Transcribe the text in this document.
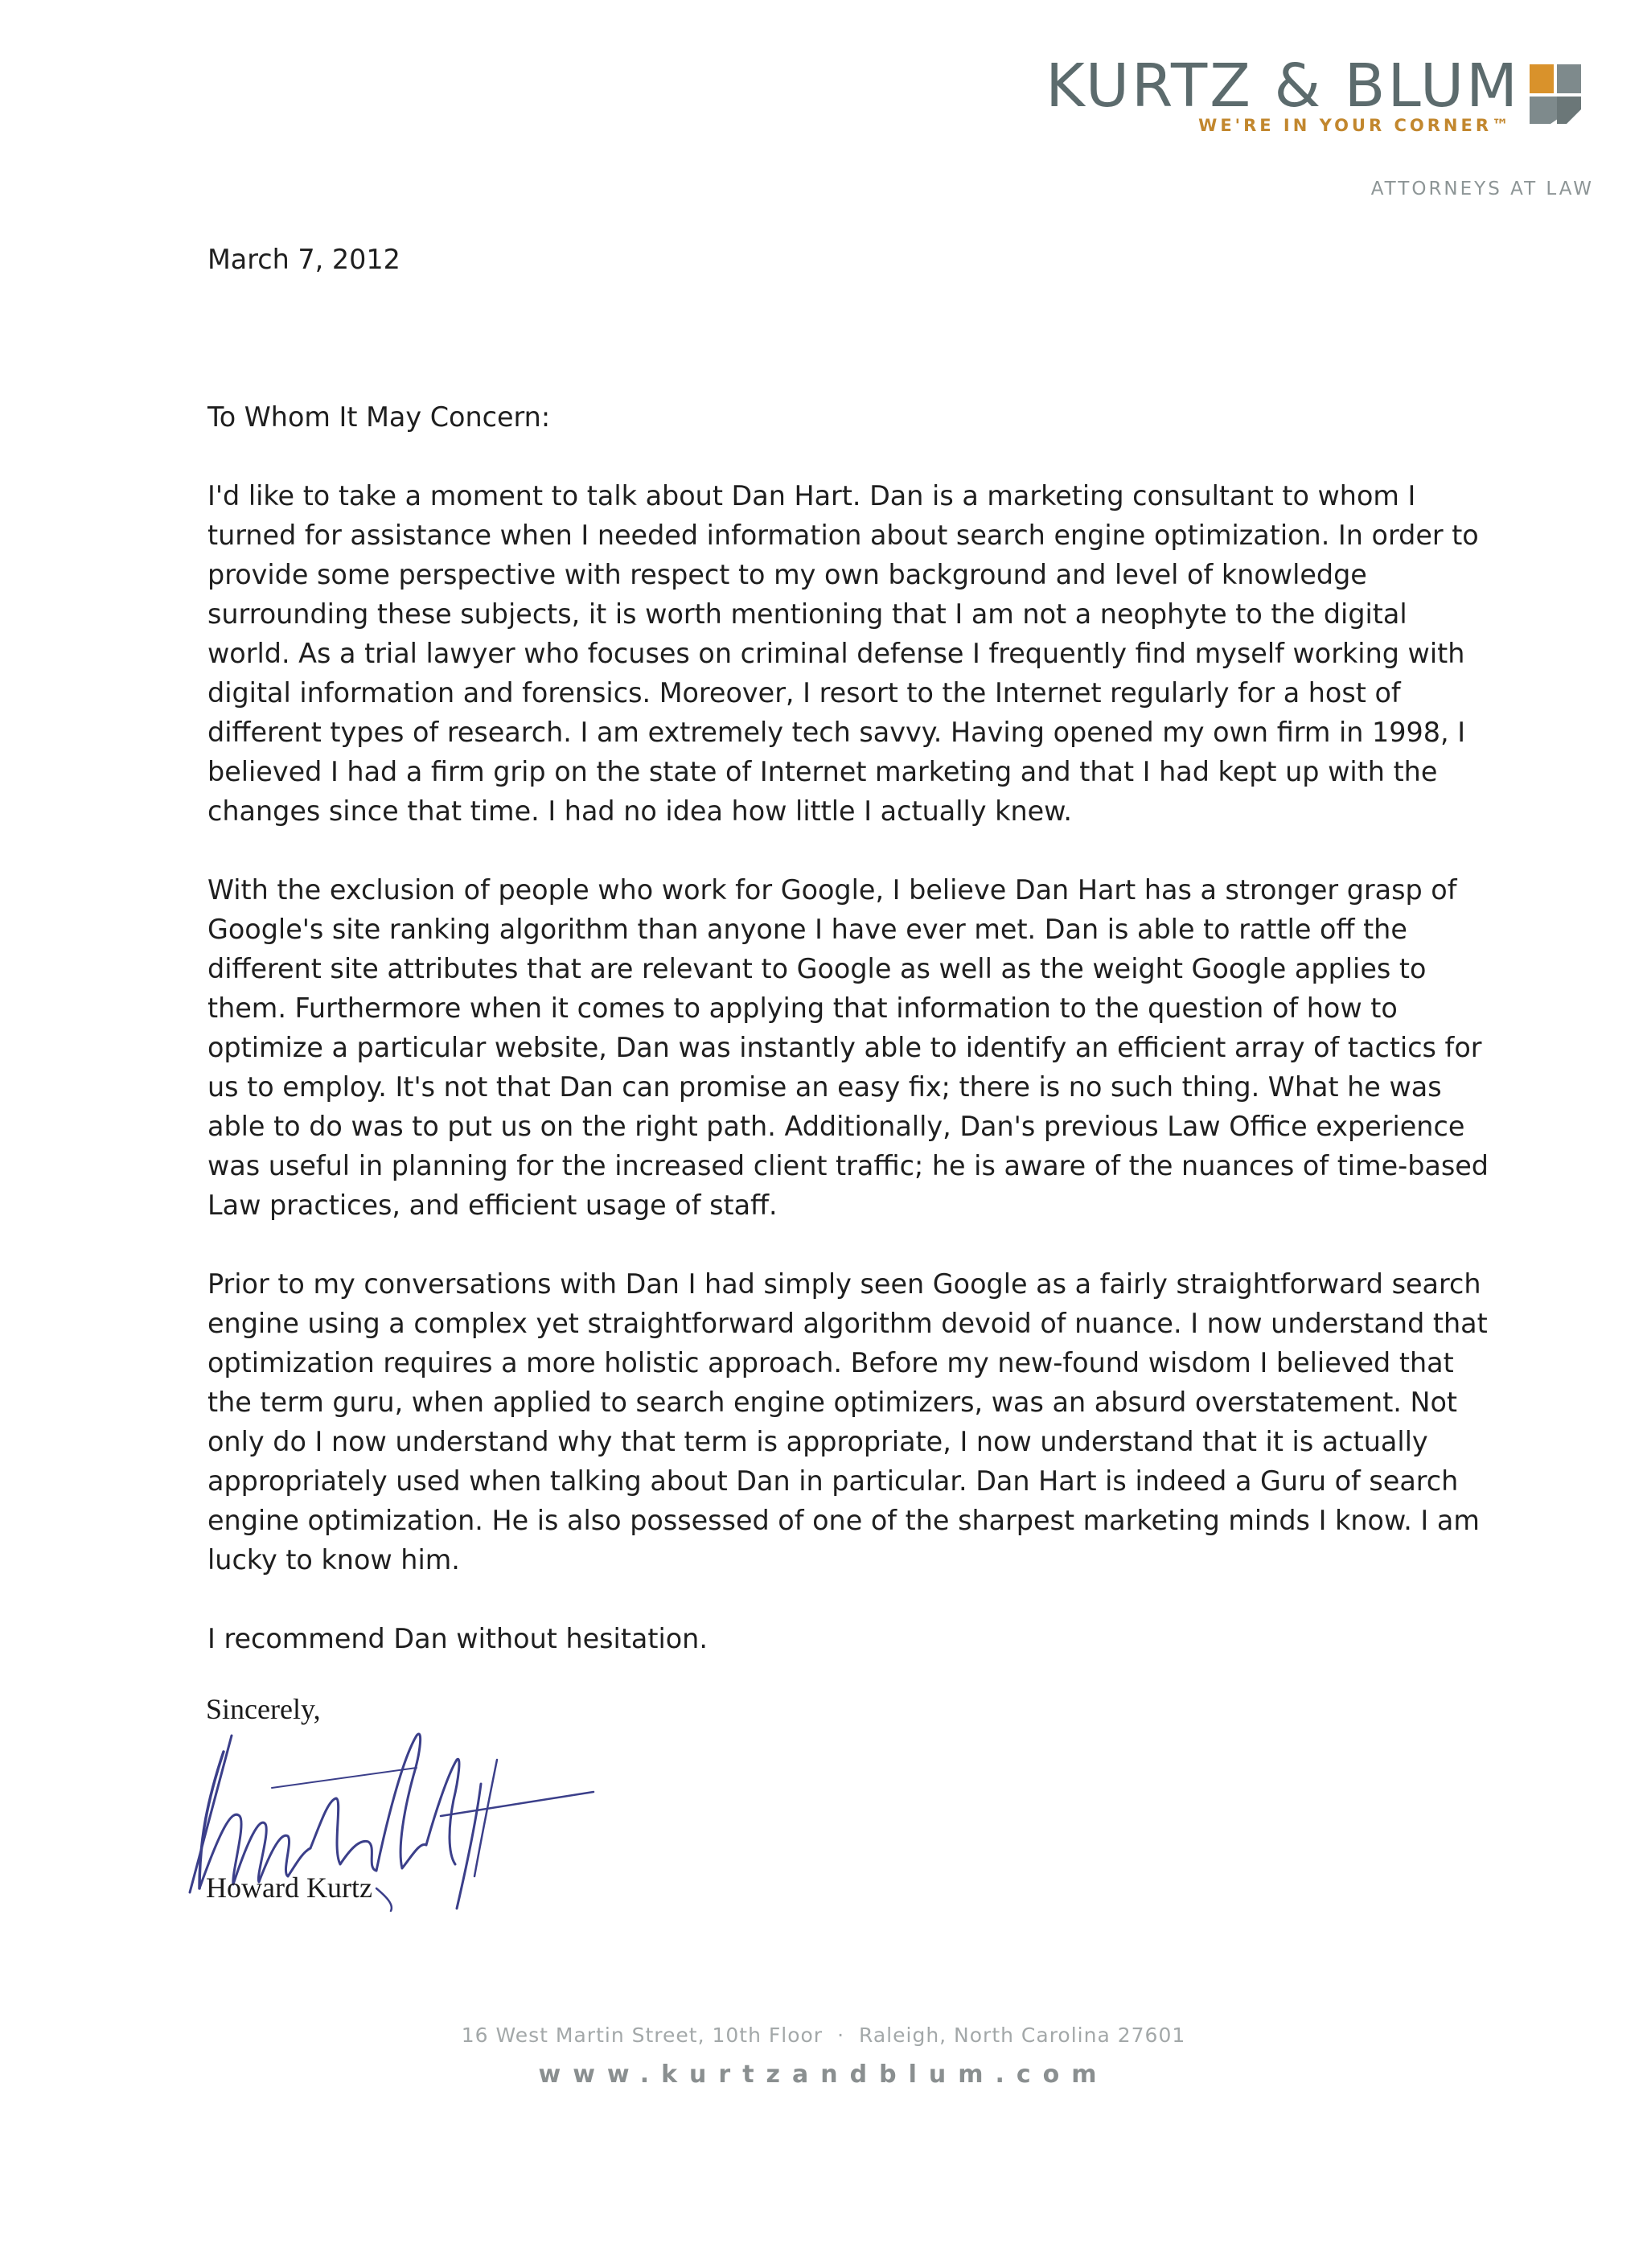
KURTZ & BLUM
WE'RE IN YOUR CORNER™
ATTORNEYS AT LAW

March 7, 2012

To Whom It May Concern:

I'd like to take a moment to talk about Dan Hart. Dan is a marketing consultant to whom I
turned for assistance when I needed information about search engine optimization. In order to
provide some perspective with respect to my own background and level of knowledge
surrounding these subjects, it is worth mentioning that I am not a neophyte to the digital
world. As a trial lawyer who focuses on criminal defense I frequently find myself working with
digital information and forensics. Moreover, I resort to the Internet regularly for a host of
different types of research. I am extremely tech savvy. Having opened my own firm in 1998, I
believed I had a firm grip on the state of Internet marketing and that I had kept up with the
changes since that time. I had no idea how little I actually knew.

With the exclusion of people who work for Google, I believe Dan Hart has a stronger grasp of
Google's site ranking algorithm than anyone I have ever met. Dan is able to rattle off the
different site attributes that are relevant to Google as well as the weight Google applies to
them. Furthermore when it comes to applying that information to the question of how to
optimize a particular website, Dan was instantly able to identify an efficient array of tactics for
us to employ. It's not that Dan can promise an easy fix; there is no such thing. What he was
able to do was to put us on the right path. Additionally, Dan's previous Law Office experience
was useful in planning for the increased client traffic; he is aware of the nuances of time-based
Law practices, and efficient usage of staff.

Prior to my conversations with Dan I had simply seen Google as a fairly straightforward search
engine using a complex yet straightforward algorithm devoid of nuance. I now understand that
optimization requires a more holistic approach. Before my new-found wisdom I believed that
the term guru, when applied to search engine optimizers, was an absurd overstatement. Not
only do I now understand why that term is appropriate, I now understand that it is actually
appropriately used when talking about Dan in particular. Dan Hart is indeed a Guru of search
engine optimization. He is also possessed of one of the sharpest marketing minds I know. I am
lucky to know him.

I recommend Dan without hesitation.

Sincerely,
Howard Kurtz
16 West Martin Street, 10th Floor · Raleigh, North Carolina 27601
www.kurtzandblum.com
